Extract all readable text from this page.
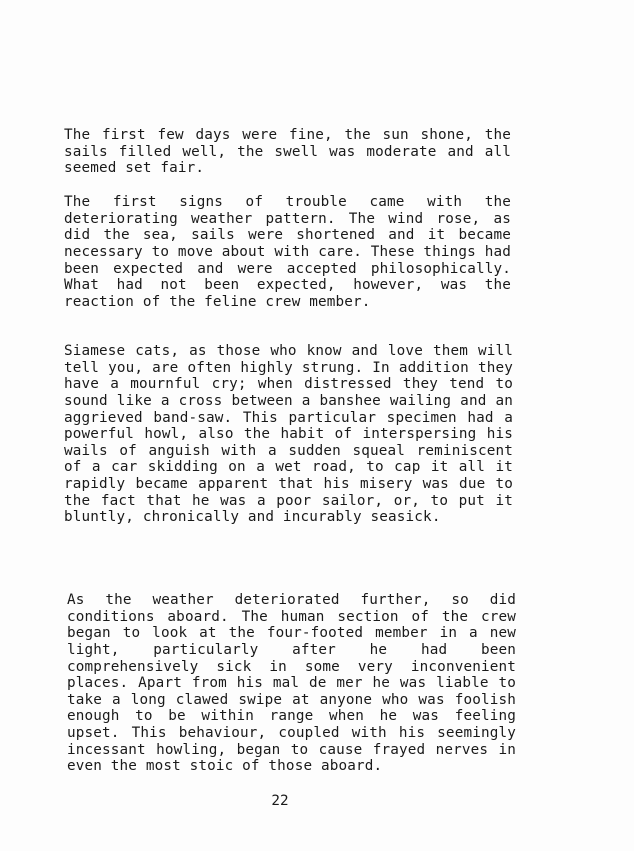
The first few days were fine, the sun shone, the sails filled well, the swell was moderate and all seemed set fair.

The first signs of trouble came with the deteriorating weather pattern. The wind rose, as did the sea, sails were shortened and it became necessary to move about with care. These things had been expected and were accepted philosophically. What had not been expected, however, was the reaction of the feline crew member.

Siamese cats, as those who know and love them will tell you, are often highly strung. In addition they have a mournful cry; when distressed they tend to sound like a cross between a banshee wailing and an aggrieved band-saw. This particular specimen had a powerful howl, also the habit of interspersing his wails of anguish with a sudden squeal reminiscent of a car skidding on a wet road, to cap it all it rapidly became apparent that his misery was due to the fact that he was a poor sailor, or, to put it bluntly, chronically and incurably seasick.

As the weather deteriorated further, so did conditions aboard. The human section of the crew began to look at the four-footed member in a new light, particularly after he had been comprehensively sick in some very inconvenient places. Apart from his mal de mer he was liable to take a long clawed swipe at anyone who was foolish enough to be within range when he was feeling upset. This behaviour, coupled with his seemingly incessant howling, began to cause frayed nerves in even the most stoic of those aboard.

22
